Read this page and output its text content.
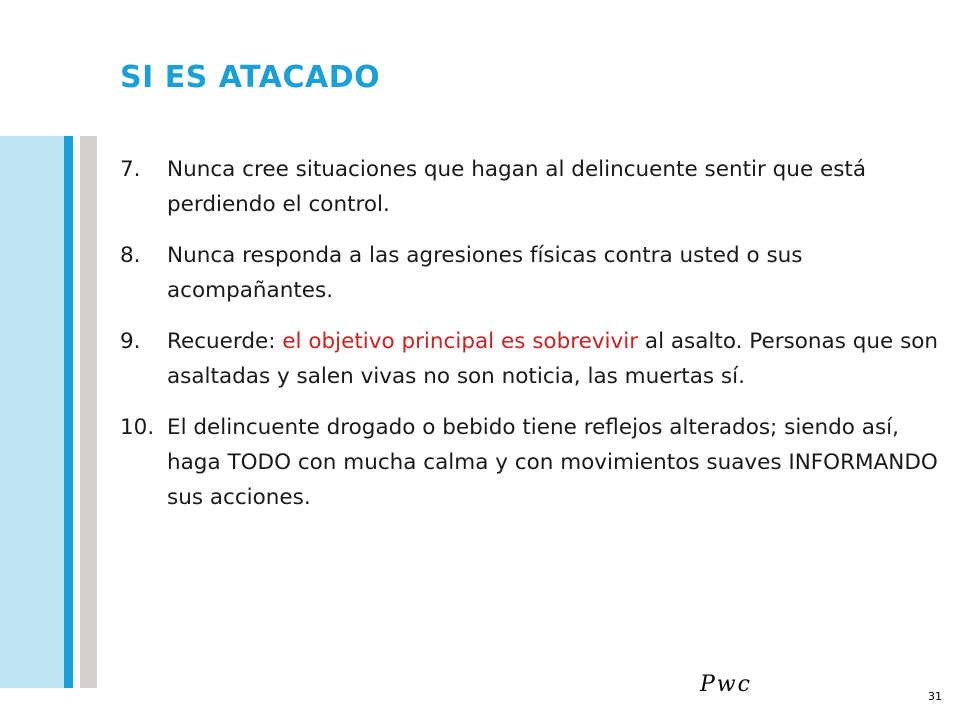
SI ES ATACADO
7. Nunca cree situaciones que hagan al delincuente sentir que está perdiendo el control.
8. Nunca responda a las agresiones físicas contra usted o sus acompañantes.
9. Recuerde: el objetivo principal es sobrevivir al asalto. Personas que son asaltadas y salen vivas no son noticia, las muertas sí.
10. El delincuente drogado o bebido tiene reflejos alterados; siendo así, haga TODO con mucha calma y con movimientos suaves INFORMANDO sus acciones.
Pwc	31
